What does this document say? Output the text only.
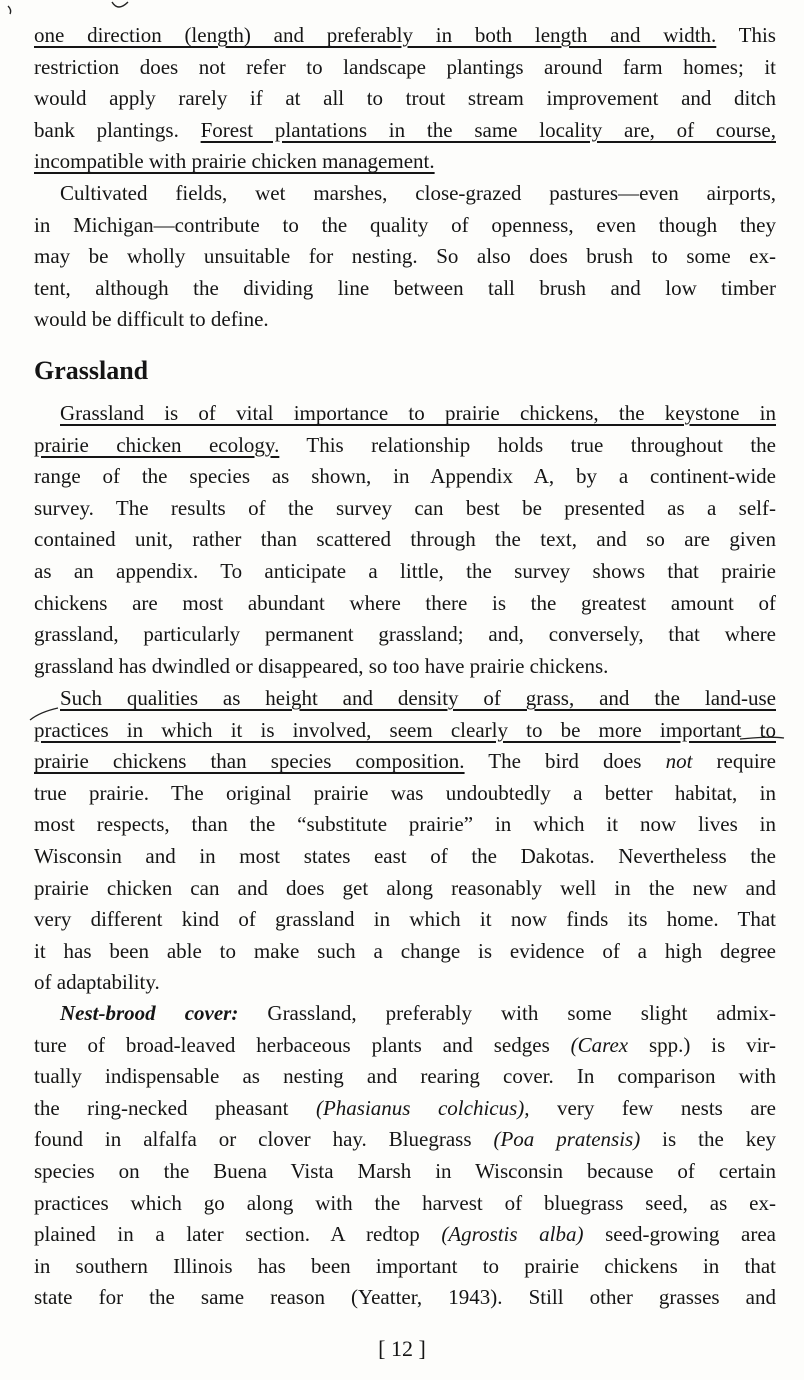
one direction (length) and preferably in both length and width. This
restriction does not refer to landscape plantings around farm homes; it
would apply rarely if at all to trout stream improvement and ditch
bank plantings. Forest plantations in the same locality are, of course,
incompatible with prairie chicken management.
Cultivated fields, wet marshes, close-grazed pastures—even airports,
in Michigan—contribute to the quality of openness, even though they
may be wholly unsuitable for nesting. So also does brush to some ex-
tent, although the dividing line between tall brush and low timber
would be difficult to define.
Grassland
Grassland is of vital importance to prairie chickens, the keystone in
prairie chicken ecology. This relationship holds true throughout the
range of the species as shown, in Appendix A, by a continent-wide
survey. The results of the survey can best be presented as a self-
contained unit, rather than scattered through the text, and so are given
as an appendix. To anticipate a little, the survey shows that prairie
chickens are most abundant where there is the greatest amount of
grassland, particularly permanent grassland; and, conversely, that where
grassland has dwindled or disappeared, so too have prairie chickens.
Such qualities as height and density of grass, and the land-use
practices in which it is involved, seem clearly to be more important to
prairie chickens than species composition. The bird does not require
true prairie. The original prairie was undoubtedly a better habitat, in
most respects, than the “substitute prairie” in which it now lives in
Wisconsin and in most states east of the Dakotas. Nevertheless the
prairie chicken can and does get along reasonably well in the new and
very different kind of grassland in which it now finds its home. That
it has been able to make such a change is evidence of a high degree
of adaptability.
Nest-brood cover: Grassland, preferably with some slight admix-
ture of broad-leaved herbaceous plants and sedges (Carex spp.) is vir-
tually indispensable as nesting and rearing cover. In comparison with
the ring-necked pheasant (Phasianus colchicus), very few nests are
found in alfalfa or clover hay. Bluegrass (Poa pratensis) is the key
species on the Buena Vista Marsh in Wisconsin because of certain
practices which go along with the harvest of bluegrass seed, as ex-
plained in a later section. A redtop (Agrostis alba) seed-growing area
in southern Illinois has been important to prairie chickens in that
state for the same reason (Yeatter, 1943). Still other grasses and
[ 12 ]
